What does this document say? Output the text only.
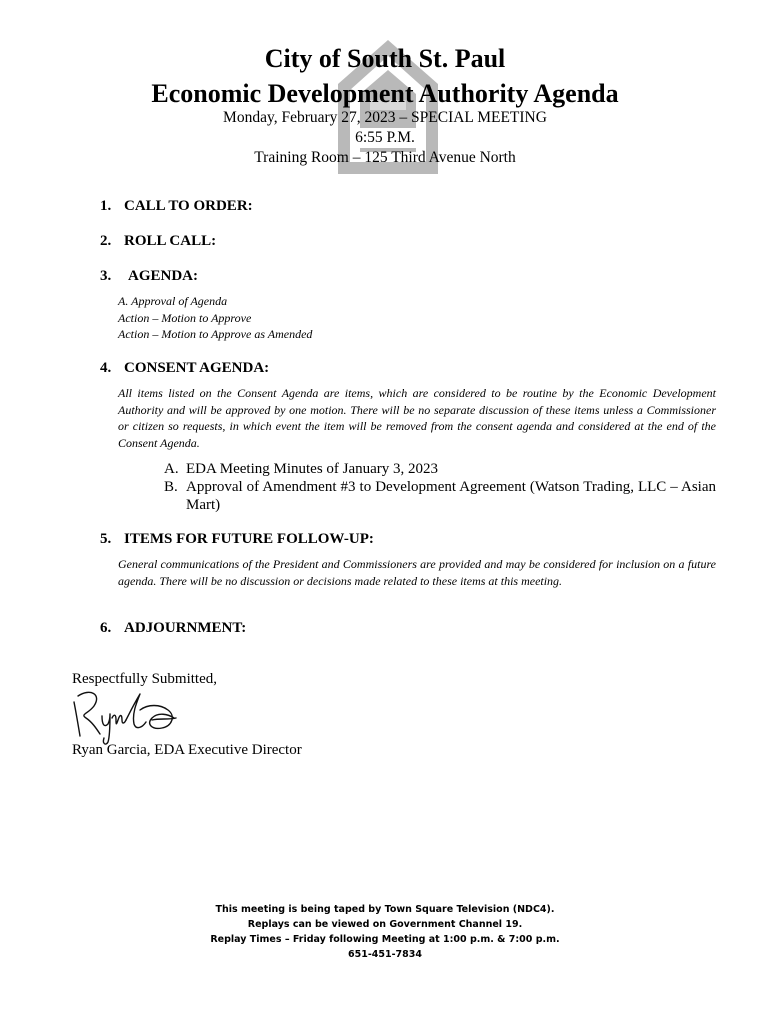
City of South St. Paul
Economic Development Authority Agenda
Monday, February 27, 2023 – SPECIAL MEETING
6:55 P.M.
Training Room – 125 Third Avenue North
1. CALL TO ORDER:
2. ROLL CALL:
3. AGENDA:
A. Approval of Agenda
Action – Motion to Approve
Action – Motion to Approve as Amended
4. CONSENT AGENDA:
All items listed on the Consent Agenda are items, which are considered to be routine by the Economic Development Authority and will be approved by one motion. There will be no separate discussion of these items unless a Commissioner or citizen so requests, in which event the item will be removed from the consent agenda and considered at the end of the Consent Agenda.
A. EDA Meeting Minutes of January 3, 2023
B. Approval of Amendment #3 to Development Agreement (Watson Trading, LLC – Asian Mart)
5. ITEMS FOR FUTURE FOLLOW-UP:
General communications of the President and Commissioners are provided and may be considered for inclusion on a future agenda. There will be no discussion or decisions made related to these items at this meeting.
6. ADJOURNMENT:
Respectfully Submitted,
Ryan Garcia, EDA Executive Director
This meeting is being taped by Town Square Television (NDC4).
Replays can be viewed on Government Channel 19.
Replay Times – Friday following Meeting at 1:00 p.m. & 7:00 p.m.
651-451-7834
